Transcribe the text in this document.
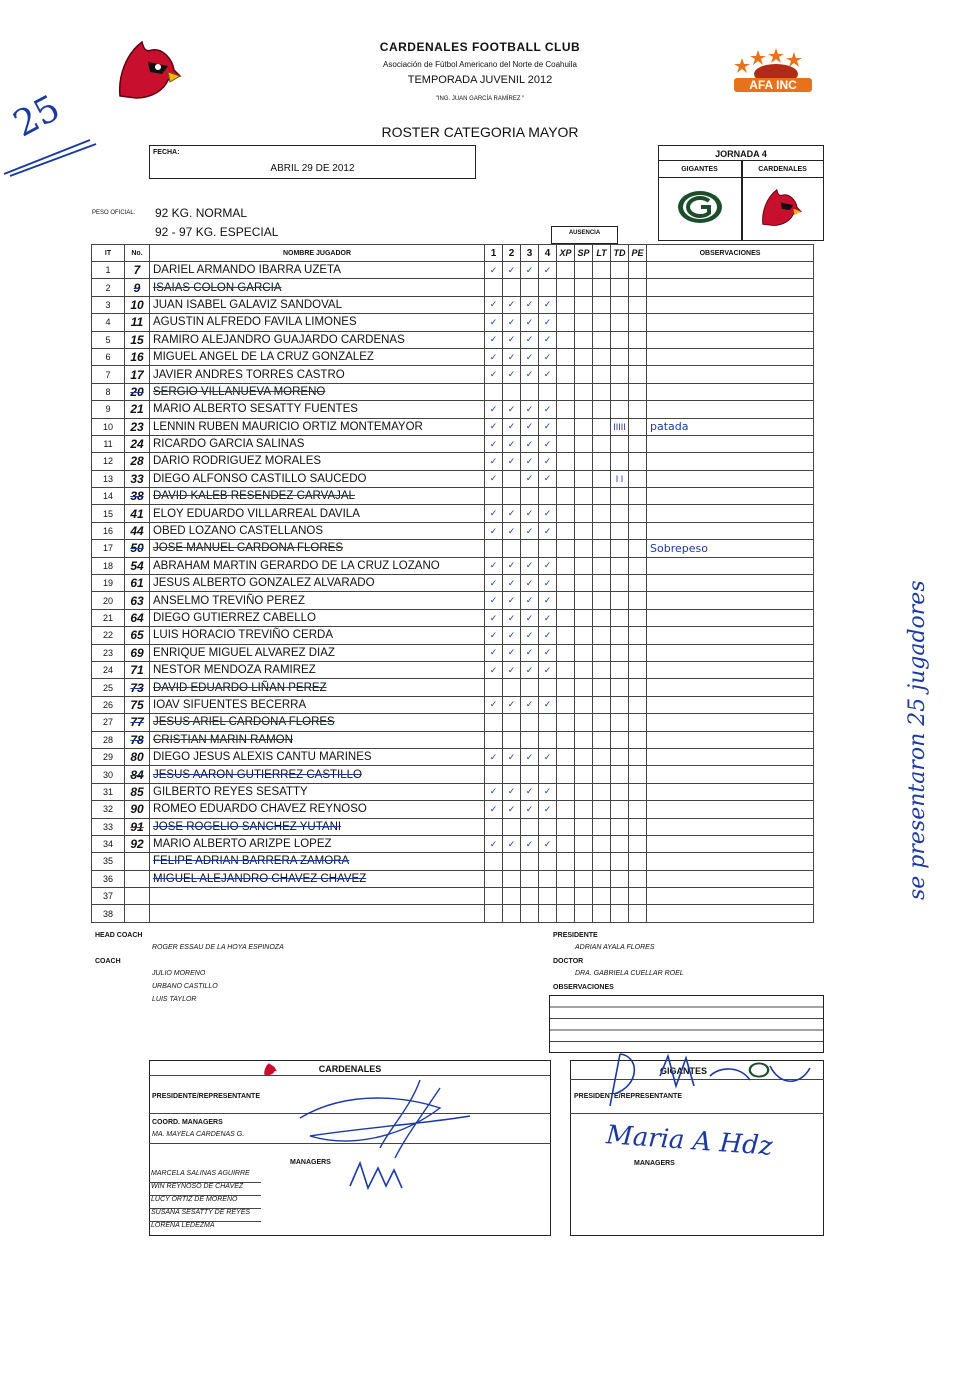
CARDENALES FOOTBALL CLUB
Asociación de Fútbol Americano del Norte de Coahuila
TEMPORADA JUVENIL 2012
"ING. JUAN GARCÍA RAMÍREZ "
AFA INC
ROSTER CATEGORIA MAYOR
25
FECHA:
ABRIL 29 DE 2012
JORNADA 4
GIGANTES	CARDENALES
PESO OFICIAL: 92 KG. NORMAL
92 - 97 KG. ESPECIAL	AUSENCIA
IT	No.	NOMBRE JUGADOR	1	2	3	4	XP	SP	LT	TD	PE	OBSERVACIONES
1	7	DARIEL ARMANDO IBARRA UZETA	✓	✓	✓	✓						
2	9	ISAIAS COLON GARCIA										
3	10	JUAN ISABEL GALAVIZ SANDOVAL	✓	✓	✓	✓						
4	11	AGUSTIN ALFREDO FAVILA LIMONES	✓	✓	✓	✓						
5	15	RAMIRO ALEJANDRO GUAJARDO CARDENAS	✓	✓	✓	✓						
6	16	MIGUEL ANGEL DE LA CRUZ GONZALEZ	✓	✓	✓	✓						
7	17	JAVIER ANDRES TORRES CASTRO	✓	✓	✓	✓						
8	20	SERGIO VILLANUEVA MORENO										
9	21	MARIO ALBERTO SESATTY FUENTES	✓	✓	✓	✓						
10	23	LENNIN RUBEN MAURICIO ORTIZ MONTEMAYOR	✓	✓	✓	✓				IIIII		patada
11	24	RICARDO GARCIA SALINAS	✓	✓	✓	✓						
12	28	DARIO RODRIGUEZ MORALES	✓	✓	✓	✓						
13	33	DIEGO ALFONSO CASTILLO SAUCEDO	✓		✓	✓				I I		
14	38	DAVID KALEB RESENDEZ CARVAJAL										
15	41	ELOY EDUARDO VILLARREAL DAVILA	✓	✓	✓	✓						
16	44	OBED LOZANO CASTELLANOS	✓	✓	✓	✓						
17	50	JOSE MANUEL CARDONA FLORES										Sobrepeso
18	54	ABRAHAM MARTIN GERARDO DE LA CRUZ LOZANO	✓	✓	✓	✓						
19	61	JESUS ALBERTO GONZALEZ ALVARADO	✓	✓	✓	✓						
20	63	ANSELMO TREVIÑO PEREZ	✓	✓	✓	✓						
21	64	DIEGO GUTIERREZ CABELLO	✓	✓	✓	✓						
22	65	LUIS HORACIO TREVIÑO CERDA	✓	✓	✓	✓						
23	69	ENRIQUE MIGUEL ALVAREZ DIAZ	✓	✓	✓	✓						
24	71	NESTOR MENDOZA RAMIREZ	✓	✓	✓	✓						
25	73	DAVID EDUARDO LIÑAN PEREZ										
26	75	IOAV SIFUENTES BECERRA	✓	✓	✓	✓						
27	77	JESUS ARIEL CARDONA FLORES										
28	78	CRISTIAN MARIN RAMON										
29	80	DIEGO JESUS ALEXIS CANTU MARINES	✓	✓	✓	✓						
30	84	JESUS AARON GUTIERREZ CASTILLO										
31	85	GILBERTO REYES SESATTY	✓	✓	✓	✓						
32	90	ROMEO EDUARDO CHAVEZ REYNOSO	✓	✓	✓	✓						
33	91	JOSE ROGELIO SANCHEZ YUTANI										
34	92	MARIO ALBERTO ARIZPE LOPEZ	✓	✓	✓	✓						
35		FELIPE ADRIAN BARRERA ZAMORA										
36		MIGUEL ALEJANDRO CHAVEZ CHAVEZ										
37												
38												
se presentaron 25 jugadores
HEAD COACH
ROGER ESSAU DE LA HOYA ESPINOZA
COACH
JULIO MORENO
URBANO CASTILLO
LUIS TAYLOR
PRESIDENTE
ADRIAN AYALA FLORES
DOCTOR
DRA. GABRIELA CUELLAR ROEL
OBSERVACIONES
CARDENALES
PRESIDENTE/REPRESENTANTE
COORD. MANAGERS
MA. MAYELA CARDENAS G.
MANAGERS
MARCELA SALINAS AGUIRRE
WIN REYNOSO DE CHAVEZ
LUCY ORTIZ DE MORENO
SUSANA SESATTY DE REYES
LORENA LEDEZMA
GIGANTES
PRESIDENTE/REPRESENTANTE
MANAGERS
Maria A Hdz
